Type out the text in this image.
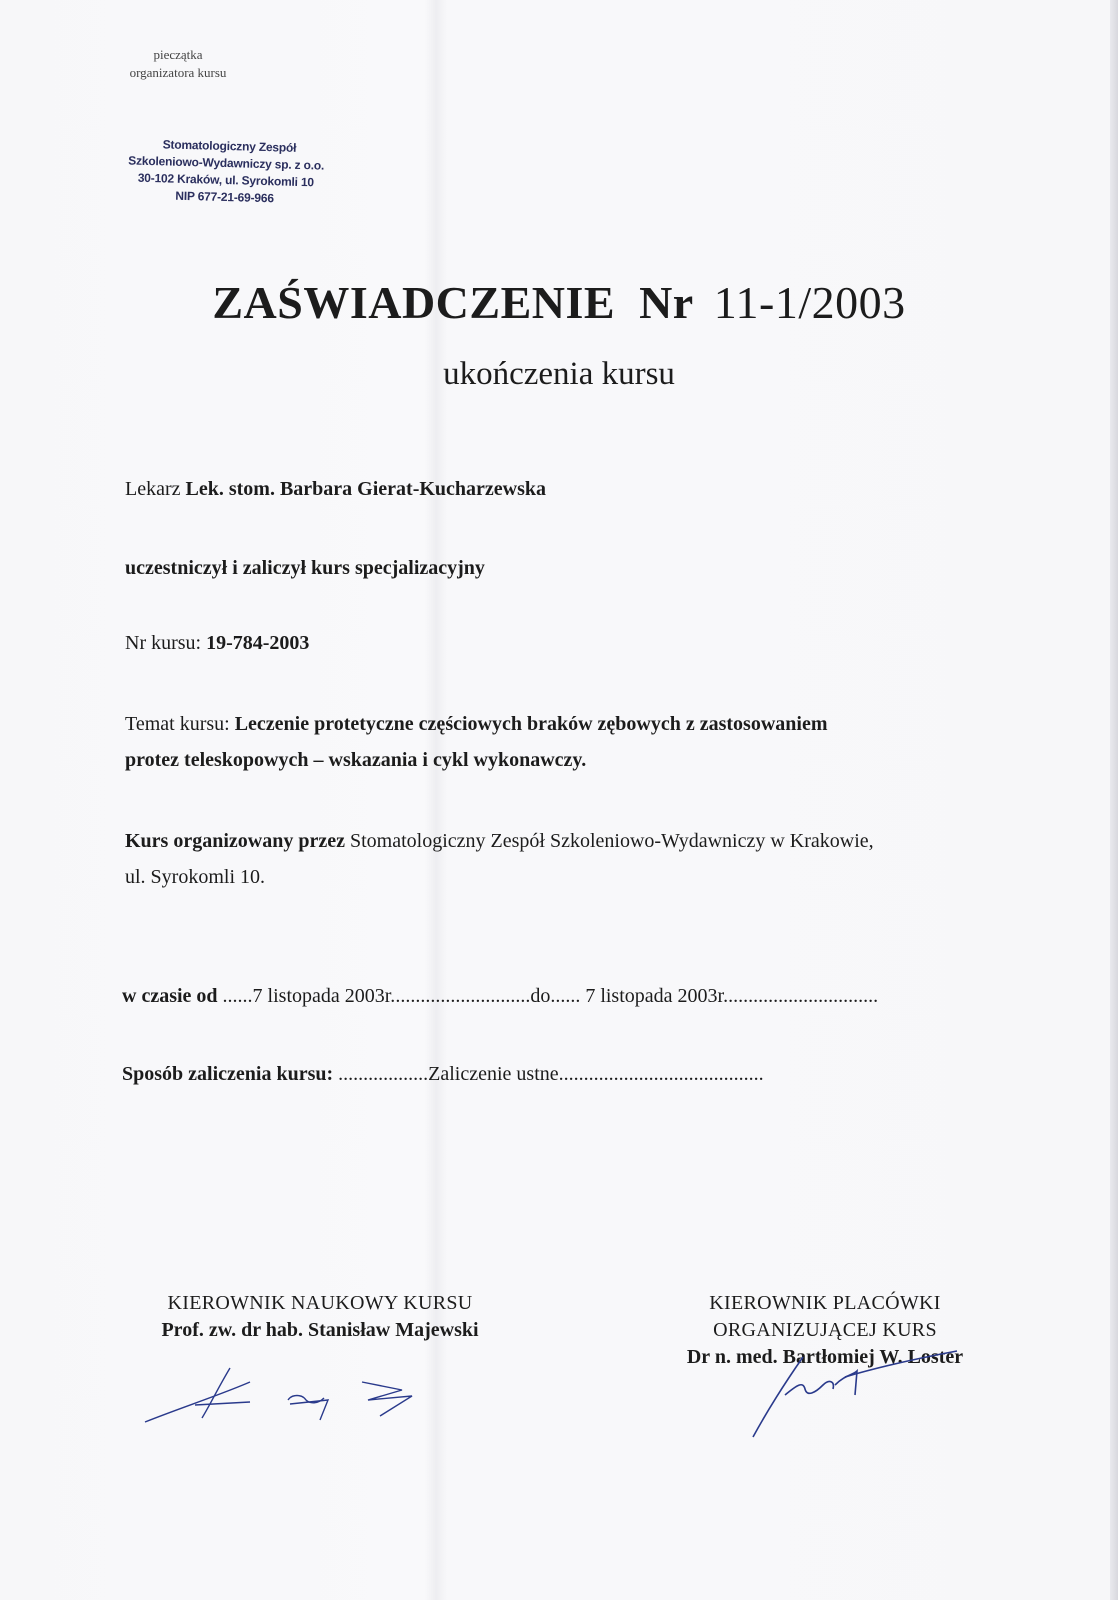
pieczątka
organizatora kursu
Stomatologiczny Zespół
Szkoleniowo-Wydawniczy sp. z o.o.
30-102 Kraków, ul. Syrokomli 10
NIP 677-21-69-966
ZAŚWIADCZENIE Nr 11-1/2003
ukończenia kursu
Lekarz Lek. stom. Barbara Gierat-Kucharzewska
uczestniczył i zaliczył kurs specjalizacyjny
Nr kursu: 19-784-2003
Temat kursu: Leczenie protetyczne częściowych braków zębowych z zastosowaniem
protez teleskopowych – wskazania i cykl wykonawczy.
Kurs organizowany przez Stomatologiczny Zespół Szkoleniowo-Wydawniczy w Krakowie,
ul. Syrokomli 10.
w czasie od ......7 listopada 2003r............................do...... 7 listopada 2003r...............................
Sposób zaliczenia kursu: ..................Zaliczenie ustne.........................................
KIEROWNIK NAUKOWY KURSU
Prof. zw. dr hab. Stanisław Majewski
KIEROWNIK PLACÓWKI
ORGANIZUJĄCEJ KURS
Dr n. med. Bartłomiej W. Loster
